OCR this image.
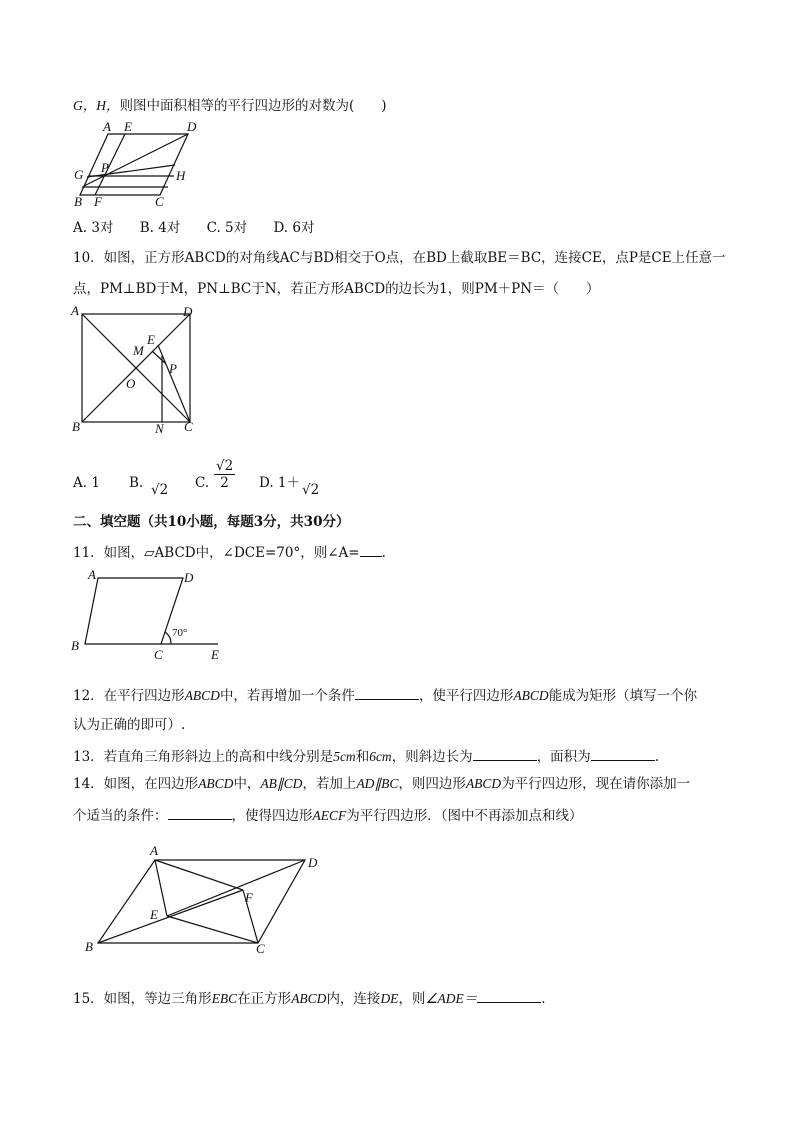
G，H，则图中面积相等的平行四边形的对数为(　　)
A E	D
P
G	H
B F	C
A. 3对 B. 4对 C. 5对 D. 6对
10．如图，正方形ABCD的对角线AC与BD相交于O点，在BD上截取BE＝BC，连接CE，点P是CE上任意一
点，PM⊥BD于M，PN⊥BC于N，若正方形ABCD的边长为1，则PM＋PN＝（　　）
A	D
E
M
P
O
B	N C
A. 1 B. √2 C. $\frac{√2}{2} D$. 1＋ √2
二、填空题（共10小题，每题3分，共30分）
11．如图，▱ABCD中，∠DCE=70°，则∠A= .
A	D
B
C	E
70°
12．在平行四边形ABCD中，若再增加一个条件	，使平行四边形ABCD能成为矩形（填写一个你
认为正确的即可）.
13．若直角三角形斜边上的高和中线分别是5cm和6cm，则斜边长为	，面积为	.
14．如图，在四边形ABCD中，AB∥CD，若加上AD∥BC，则四边形ABCD为平行四边形，现在请你添加一
个适当的条件：	，使得四边形AECF为平行四边形．（图中不再添加点和线）
A
D
F
E
B	C
15．如图，等边三角形EBC在正方形ABCD内，连接DE，则∠ADE＝	.
